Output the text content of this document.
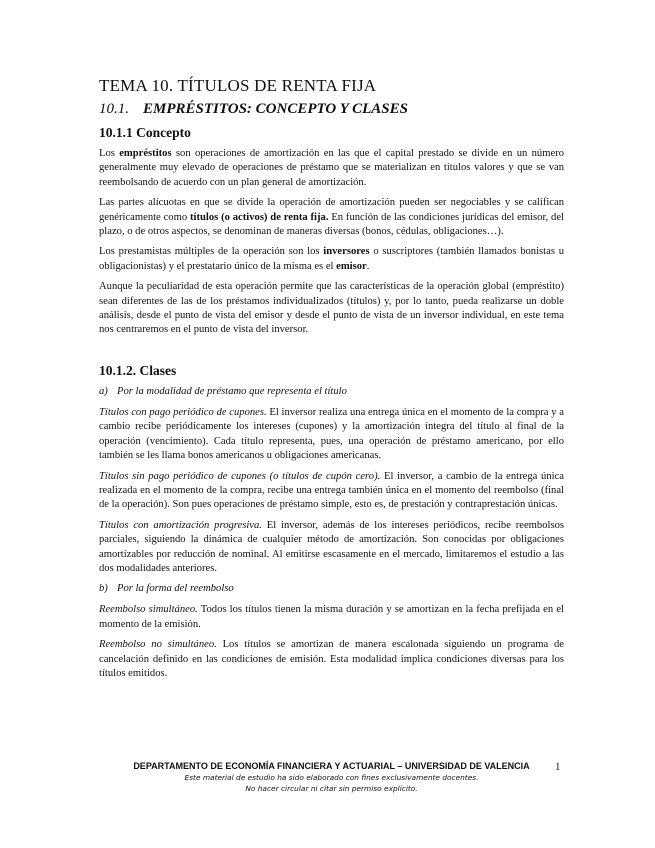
TEMA 10. TÍTULOS DE RENTA FIJA
10.1. EMPRÉSTITOS: CONCEPTO Y CLASES
10.1.1 Concepto

Los empréstitos son operaciones de amortización en las que el capital prestado se divide en un número generalmente muy elevado de operaciones de préstamo que se materializan en títulos valores y que se van reembolsando de acuerdo con un plan general de amortización.

Las partes alícuotas en que se divide la operación de amortización pueden ser negociables y se califican genéricamente como títulos (o activos) de renta fija. En función de las condiciones jurídicas del emisor, del plazo, o de otros aspectos, se denominan de maneras diversas (bonos, cédulas, obligaciones…).

Los prestamistas múltiples de la operación son los inversores o suscriptores (también llamados bonistas u obligacionistas) y el prestatario único de la misma es el emisor.

Aunque la peculiaridad de esta operación permite que las características de la operación global (empréstito) sean diferentes de las de los préstamos individualizados (títulos) y, por lo tanto, pueda realizarse un doble análisis, desde el punto de vista del emisor y desde el punto de vista de un inversor individual, en este tema nos centraremos en el punto de vista del inversor.

10.1.2. Clases
a) Por la modalidad de préstamo que representa el título

Títulos con pago periódico de cupones. El inversor realiza una entrega única en el momento de la compra y a cambio recibe periódicamente los intereses (cupones) y la amortización íntegra del título al final de la operación (vencimiento). Cada título representa, pues, una operación de préstamo americano, por ello también se les llama bonos americanos u obligaciones americanas.

Títulos sin pago periódico de cupones (o títulos de cupón cero). El inversor, a cambio de la entrega única realizada en el momento de la compra, recibe una entrega también única en el momento del reembolso (final de la operación). Son pues operaciones de préstamo simple, esto es, de prestación y contraprestación únicas.

Títulos con amortización progresiva. El inversor, además de los intereses periódicos, recibe reembolsos parciales, siguiendo la dinámica de cualquier método de amortización. Son conocidas por obligaciones amortizables por reducción de nominal. Al emitirse escasamente en el mercado, limitaremos el estudio a las dos modalidades anteriores.

b) Por la forma del reembolso

Reembolso simultáneo. Todos los títulos tienen la misma duración y se amortizan en la fecha prefijada en el momento de la emisión.

Reembolso no simultáneo. Los títulos se amortizan de manera escalonada siguiendo un programa de cancelación definido en las condiciones de emisión. Esta modalidad implica condiciones diversas para los títulos emitidos.

DEPARTAMENTO DE ECONOMÍA FINANCIERA Y ACTUARIAL – UNIVERSIDAD DE VALENCIA
Este material de estudio ha sido elaborado con fines exclusivamente docentes.
No hacer circular ni citar sin permiso explícito.
1
